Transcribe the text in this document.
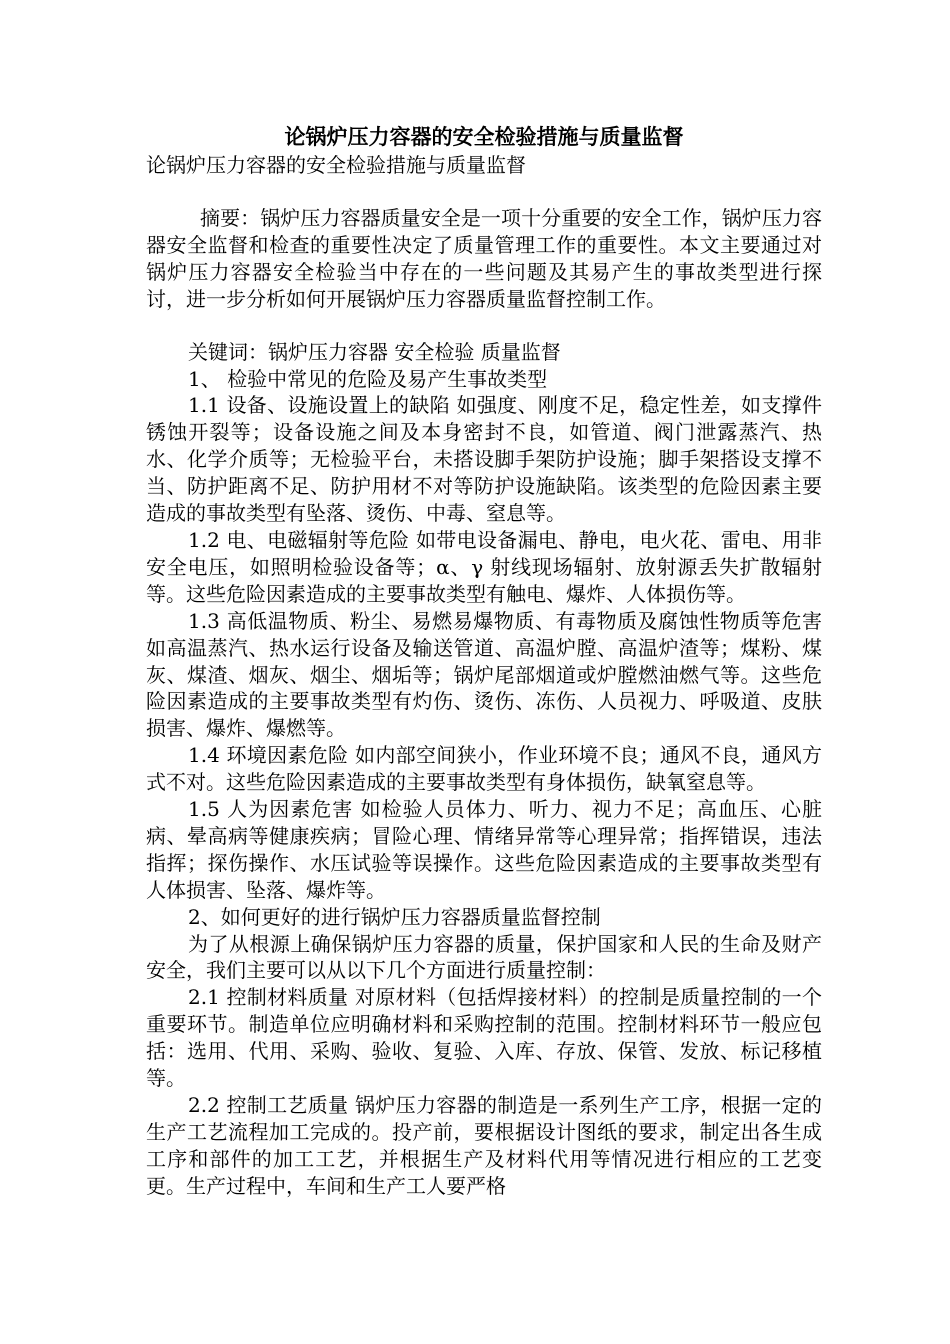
论锅炉压力容器的安全检验措施与质量监督

论锅炉压力容器的安全检验措施与质量监督

摘要：锅炉压力容器质量安全是一项十分重要的安全工作，锅炉压力容器安全监督和检查的重要性决定了质量管理工作的重要性。本文主要通过对锅炉压力容器安全检验当中存在的一些问题及其易产生的事故类型进行探讨，进一步分析如何开展锅炉压力容器质量监督控制工作。

关键词：锅炉压力容器 安全检验 质量监督

1、 检验中常见的危险及易产生事故类型

1.1 设备、设施设置上的缺陷 如强度、刚度不足，稳定性差，如支撑件锈蚀开裂等；设备设施之间及本身密封不良，如管道、阀门泄露蒸汽、热水、化学介质等；无检验平台，未搭设脚手架防护设施；脚手架搭设支撑不当、防护距离不足、防护用材不对等防护设施缺陷。该类型的危险因素主要造成的事故类型有坠落、烫伤、中毒、窒息等。

1.2 电、电磁辐射等危险 如带电设备漏电、静电，电火花、雷电、用非安全电压，如照明检验设备等；α、γ 射线现场辐射、放射源丢失扩散辐射等。这些危险因素造成的主要事故类型有触电、爆炸、人体损伤等。

1.3 高低温物质、粉尘、易燃易爆物质、有毒物质及腐蚀性物质等危害 如高温蒸汽、热水运行设备及输送管道、高温炉膛、高温炉渣等；煤粉、煤灰、煤渣、烟灰、烟尘、烟垢等；锅炉尾部烟道或炉膛燃油燃气等。这些危险因素造成的主要事故类型有灼伤、烫伤、冻伤、人员视力、呼吸道、皮肤损害、爆炸、爆燃等。

1.4 环境因素危险 如内部空间狭小，作业环境不良；通风不良，通风方式不对。这些危险因素造成的主要事故类型有身体损伤，缺氧窒息等。

1.5 人为因素危害 如检验人员体力、听力、视力不足；高血压、心脏病、晕高病等健康疾病；冒险心理、情绪异常等心理异常；指挥错误，违法指挥；探伤操作、水压试验等误操作。这些危险因素造成的主要事故类型有人体损害、坠落、爆炸等。

2、如何更好的进行锅炉压力容器质量监督控制

为了从根源上确保锅炉压力容器的质量，保护国家和人民的生命及财产安全，我们主要可以从以下几个方面进行质量控制：

2.1 控制材料质量 对原材料（包括焊接材料）的控制是质量控制的一个重要环节。制造单位应明确材料和采购控制的范围。控制材料环节一般应包括：选用、代用、采购、验收、复验、入库、存放、保管、发放、标记移植等。

2.2 控制工艺质量 锅炉压力容器的制造是一系列生产工序，根据一定的生产工艺流程加工完成的。投产前，要根据设计图纸的要求，制定出各生成工序和部件的加工工艺，并根据生产及材料代用等情况进行相应的工艺变更。生产过程中，车间和生产工人要严格
